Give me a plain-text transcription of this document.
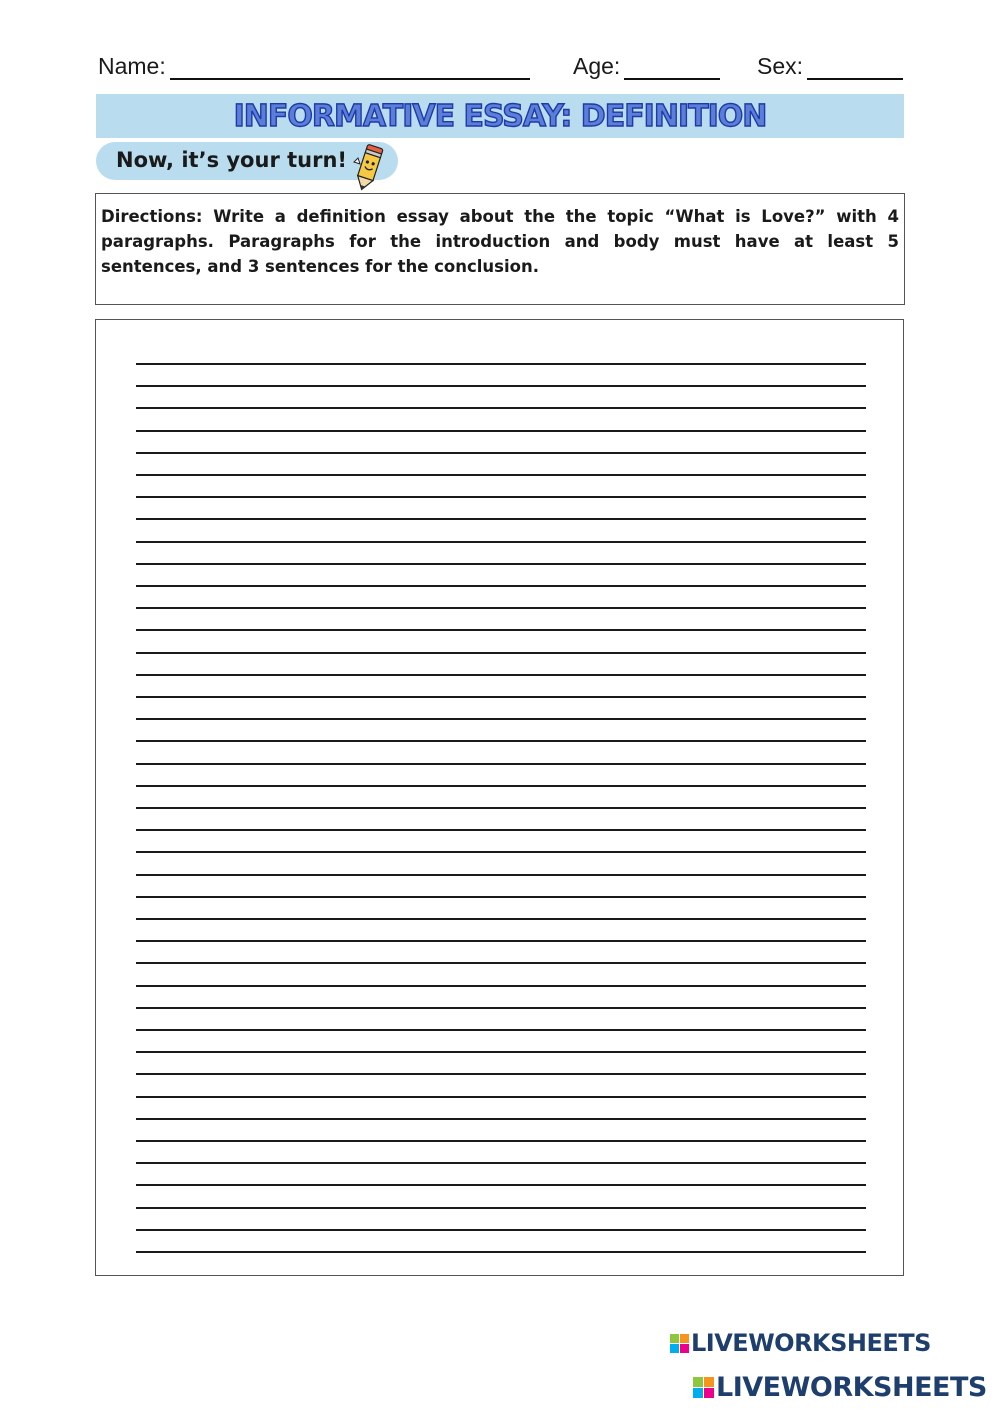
Name:	Age:	Sex:
INFORMATIVE ESSAY: DEFINITION
Now, it’s your turn!

Directions: Write a definition essay about the the topic “What is Love?” with 4 paragraphs. Paragraphs for the introduction and body must have at least 5 sentences, and 3 sentences for the conclusion.

LIVEWORKSHEETS
LIVEWORKSHEETS
